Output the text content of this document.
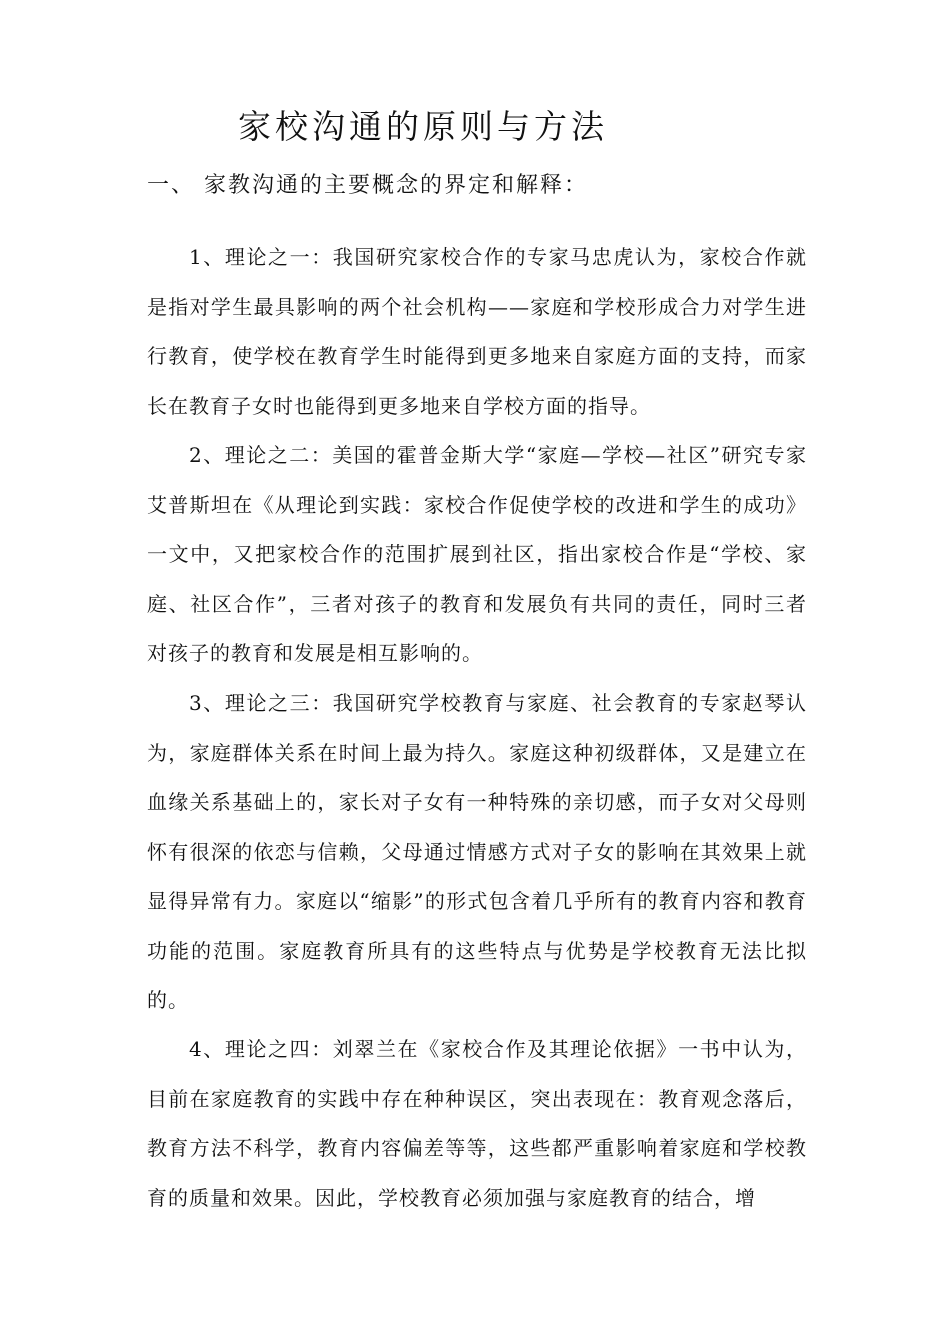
家校沟通的原则与方法
一、 家教沟通的主要概念的界定和解释：

1、理论之一：我国研究家校合作的专家马忠虎认为，家校合作就是指对学生最具影响的两个社会机构——家庭和学校形成合力对学生进行教育，使学校在教育学生时能得到更多地来自家庭方面的支持，而家长在教育子女时也能得到更多地来自学校方面的指导。

2、理论之二：美国的霍普金斯大学“家庭—学校—社区”研究专家艾普斯坦在《从理论到实践：家校合作促使学校的改进和学生的成功》一文中，又把家校合作的范围扩展到社区，指出家校合作是“学校、家庭、社区合作”，三者对孩子的教育和发展负有共同的责任，同时三者对孩子的教育和发展是相互影响的。

3、理论之三：我国研究学校教育与家庭、社会教育的专家赵琴认为，家庭群体关系在时间上最为持久。家庭这种初级群体，又是建立在血缘关系基础上的，家长对子女有一种特殊的亲切感，而子女对父母则怀有很深的依恋与信赖，父母通过情感方式对子女的影响在其效果上就显得异常有力。家庭以“缩影”的形式包含着几乎所有的教育内容和教育功能的范围。家庭教育所具有的这些特点与优势是学校教育无法比拟的。

4、理论之四：刘翠兰在《家校合作及其理论依据》一书中认为，目前在家庭教育的实践中存在种种误区，突出表现在：教育观念落后，教育方法不科学，教育内容偏差等等，这些都严重影响着家庭和学校教育的质量和效果。因此，学校教育必须加强与家庭教育的结合，增
